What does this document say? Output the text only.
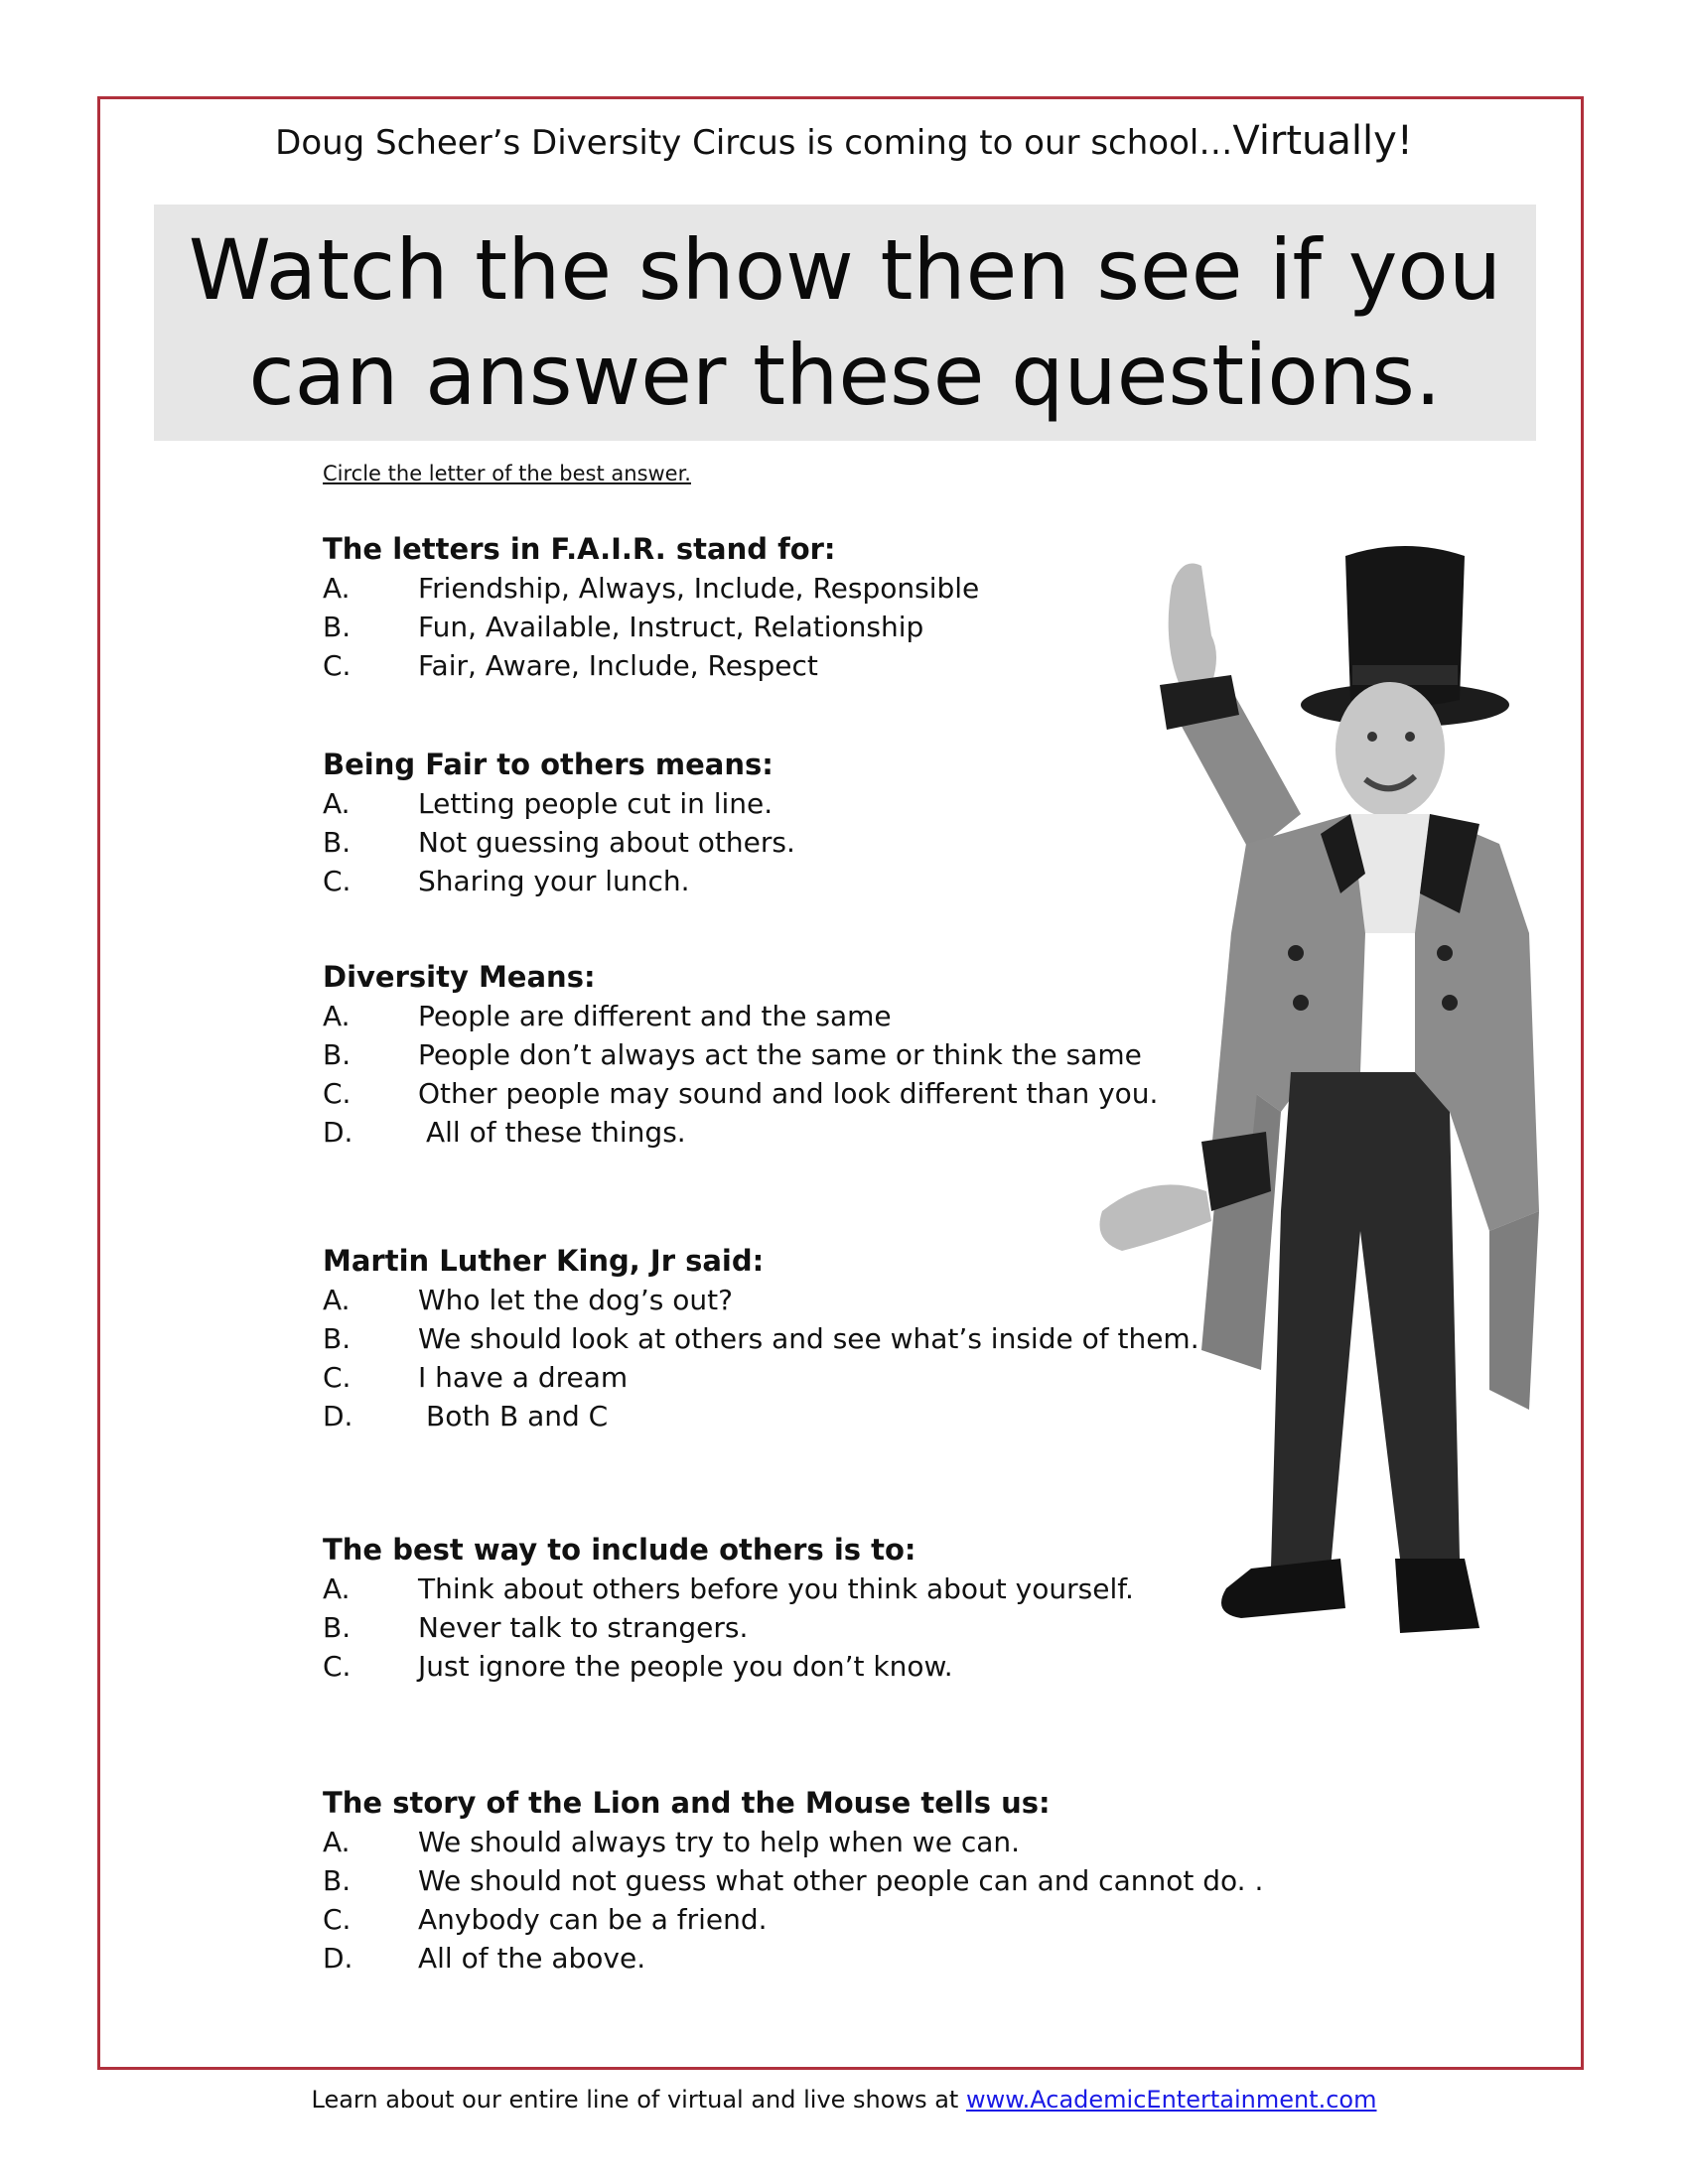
Doug Scheer’s Diversity Circus is coming to our school…Virtually!
Watch the show then see if you
can answer these questions.
Circle the letter of the best answer.
The letters in F.A.I.R. stand for:
A. Friendship, Always, Include, Responsible
B. Fun, Available, Instruct, Relationship
C. Fair, Aware, Include, Respect
Being Fair to others means:
A. Letting people cut in line.
B. Not guessing about others.
C. Sharing your lunch.
Diversity Means:
A. People are different and the same
B. People don’t always act the same or think the same
C. Other people may sound and look different than you.
D.	All of these things.
Martin Luther King, Jr said:
A. Who let the dog’s out?
B. We should look at others and see what’s inside of them.
C. I have a dream
D.	Both B and C
The best way to include others is to:
A. Think about others before you think about yourself.
B. Never talk to strangers.
C. Just ignore the people you don’t know.
The story of the Lion and the Mouse tells us:
A. We should always try to help when we can.
B. We should not guess what other people can and cannot do. .
C. Anybody can be a friend.
D. All of the above.
Learn about our entire line of virtual and live shows at www.AcademicEntertainment.com
